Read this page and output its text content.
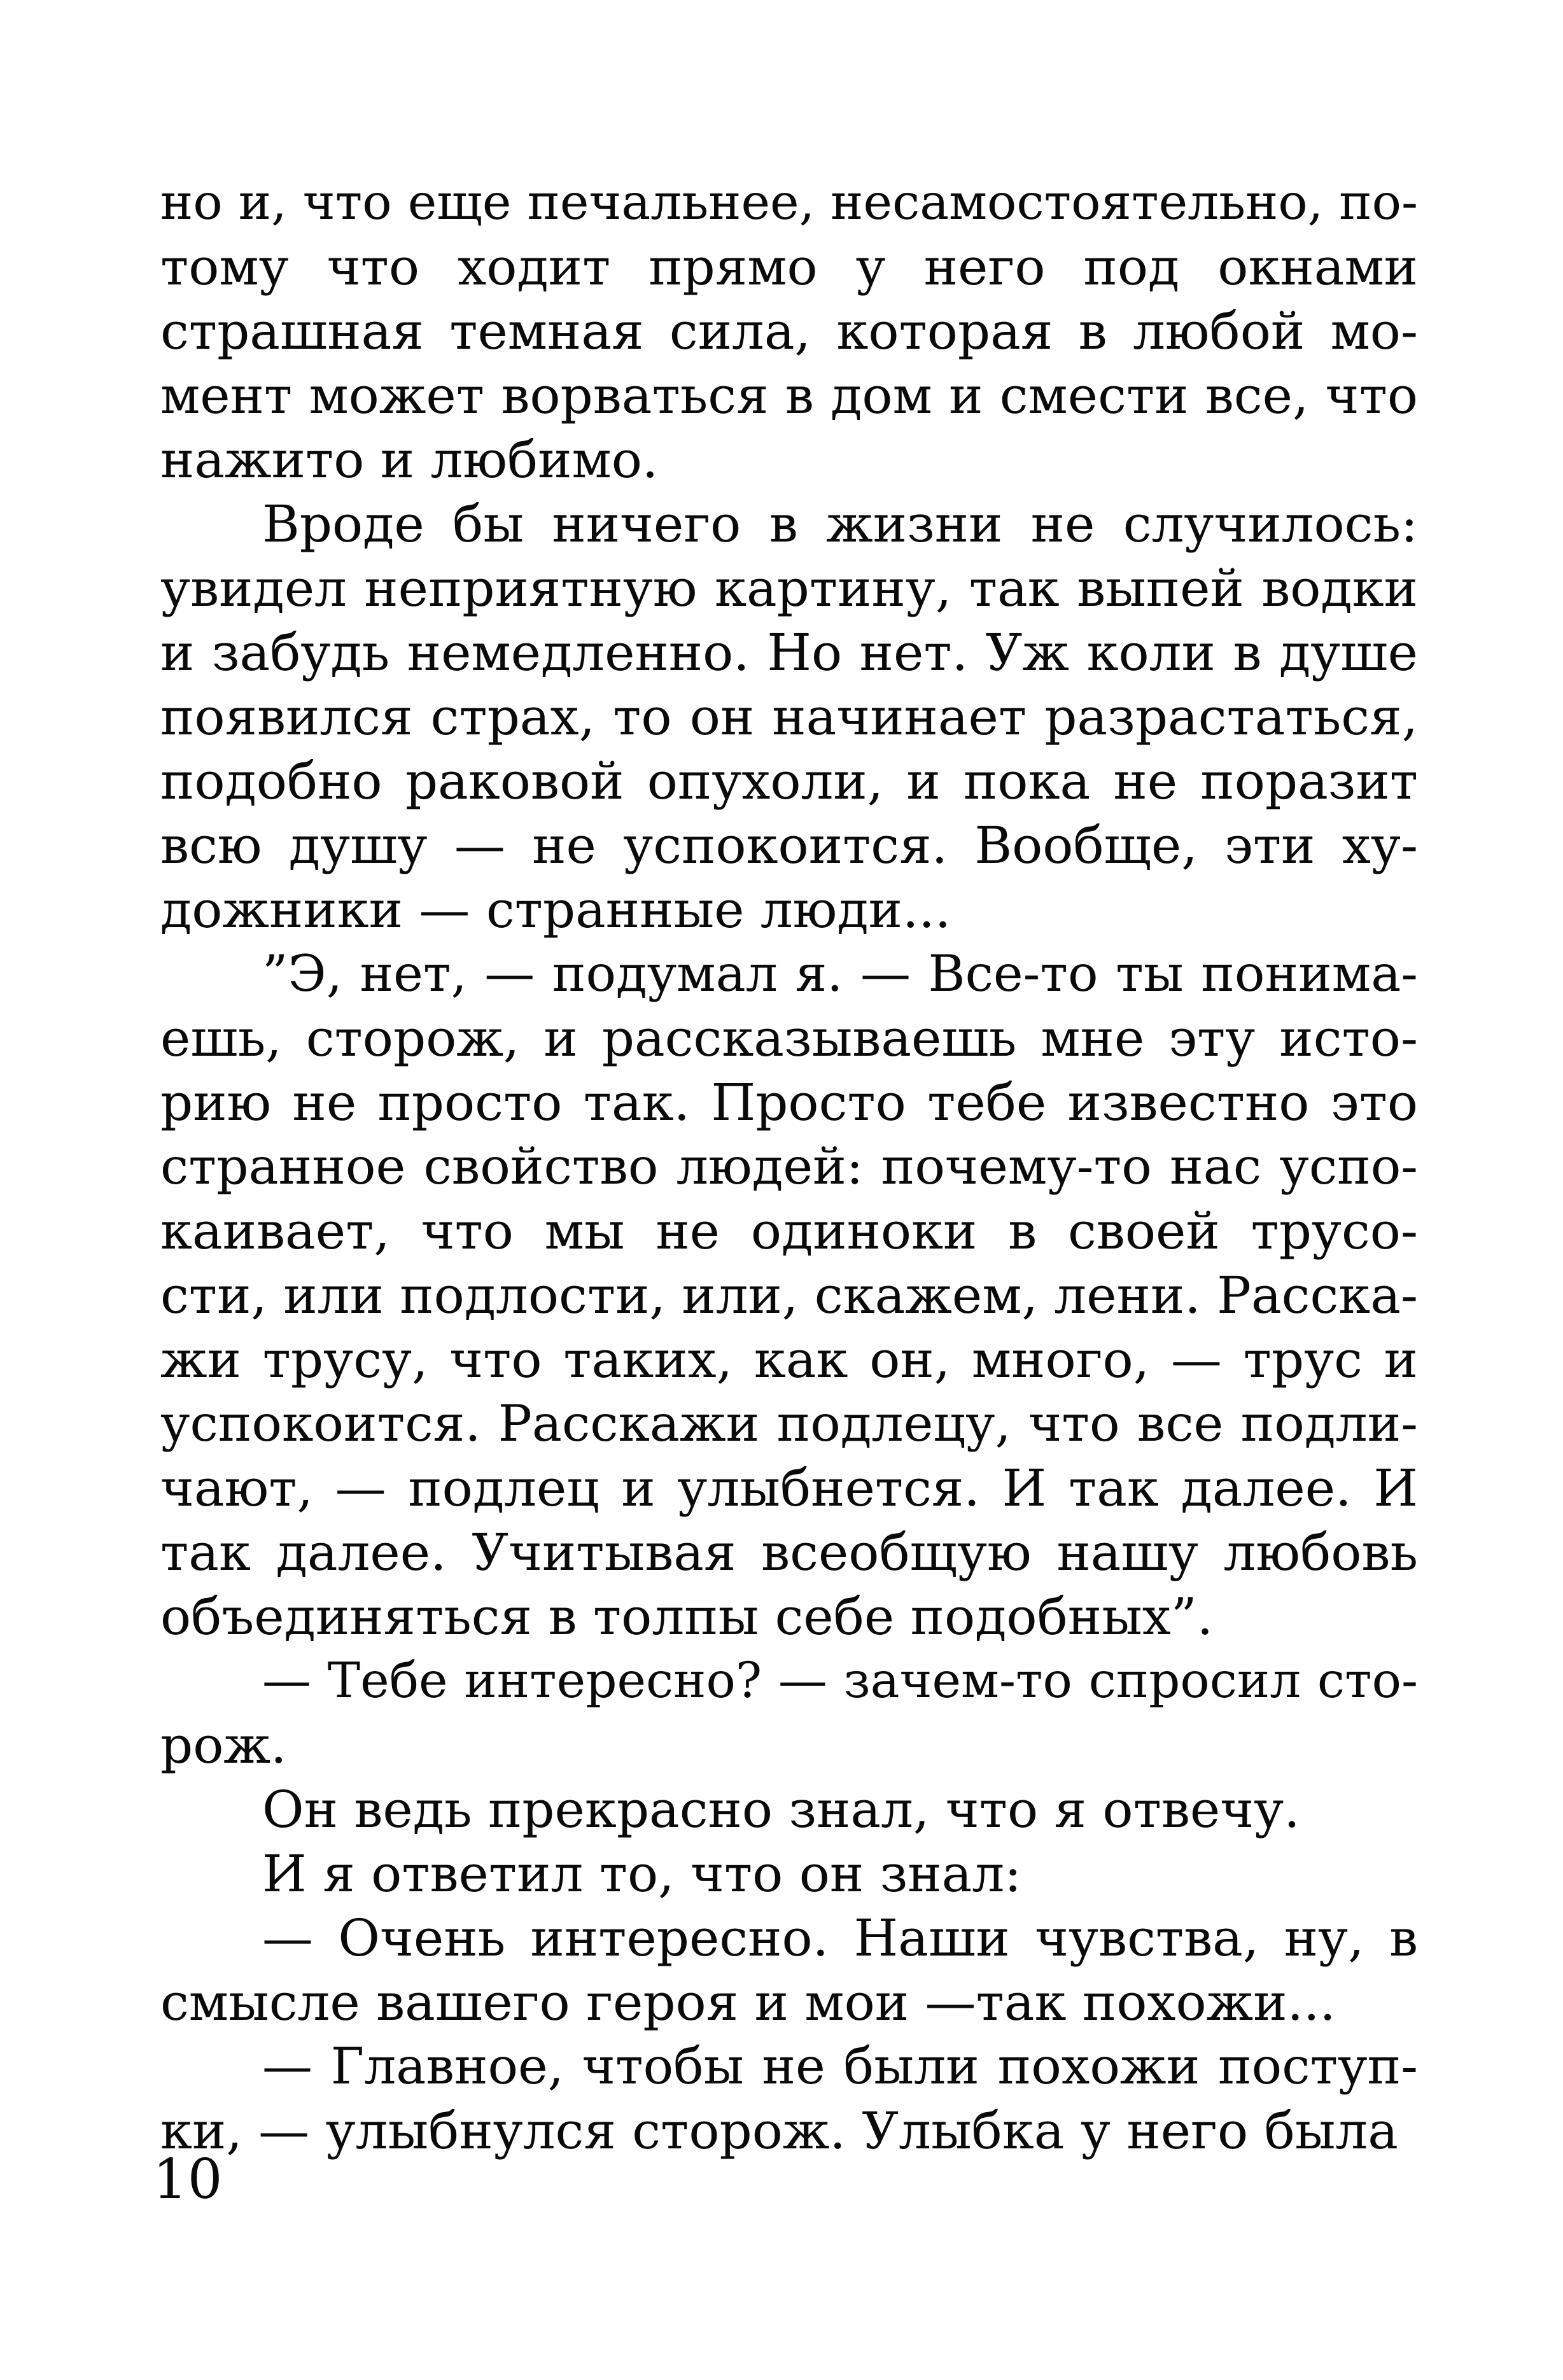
но и, что еще печальнее, несамостоятельно, по-
тому что ходит прямо у него под окнами
страшная темная сила, которая в любой мо-
мент может ворваться в дом и смести все, что
нажито и любимо.
Вроде бы ничего в жизни не случилось:
увидел неприятную картину, так выпей водки
и забудь немедленно. Но нет. Уж коли в душе
появился страх, то он начинает разрастаться,
подобно раковой опухоли, и пока не поразит
всю душу — не успокоится. Вообще, эти ху-
дожники — странные люди...
”Э, нет, — подумал я. — Все-то ты понима-
ешь, сторож, и рассказываешь мне эту исто-
рию не просто так. Просто тебе известно это
странное свойство людей: почему-то нас успо-
каивает, что мы не одиноки в своей трусо-
сти, или подлости, или, скажем, лени. Расска-
жи трусу, что таких, как он, много, — трус и
успокоится. Расскажи подлецу, что все подли-
чают, — подлец и улыбнется. И так далее. И
так далее. Учитывая всеобщую нашу любовь
объединяться в толпы себе подобных”.
— Тебе интересно? — зачем-то спросил сто-
рож.
Он ведь прекрасно знал, что я отвечу.
И я ответил то, что он знал:
— Очень интересно. Наши чувства, ну, в
смысле вашего героя и мои —так похожи...
— Главное, чтобы не были похожи поступ-
ки, — улыбнулся сторож. Улыбка у него была
10
